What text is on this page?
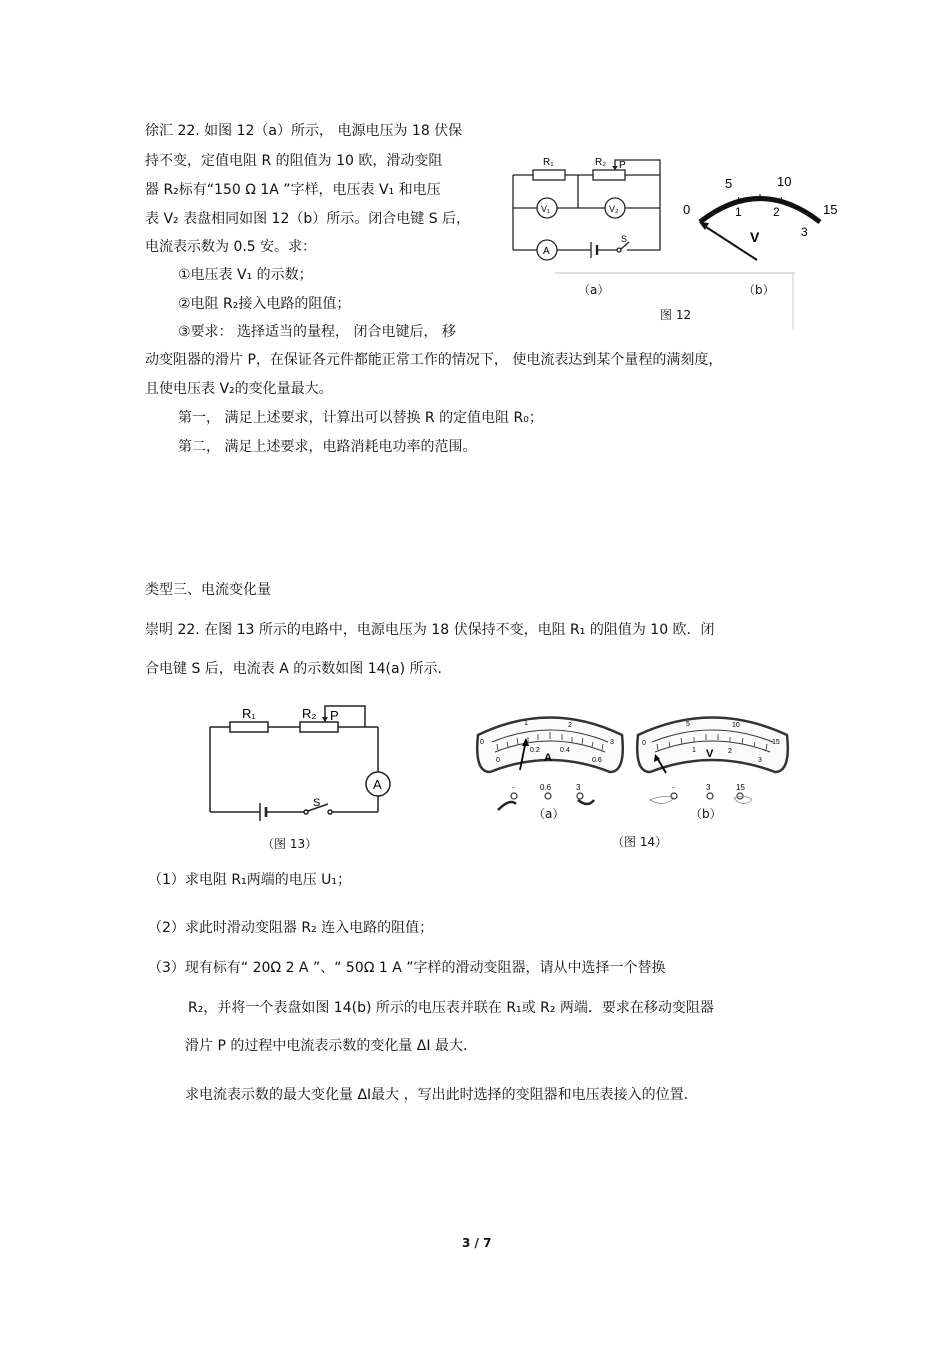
徐汇 22. 如图 12（a）所示， 电源电压为 18 伏保
持不变，定值电阻 R 的阻值为 10 欧，滑动变阻
器 R₂标有“150 Ω 1A ”字样，电压表 V₁ 和电压
表 V₂ 表盘相同如图 12（b）所示。闭合电键 S 后，
电流表示数为 0.5 安。求：
①电压表 V₁ 的示数；
②电阻 R₂接入电路的阻值；
③要求： 选择适当的量程， 闭合电键后， 移
动变阻器的滑片 P，在保证各元件都能正常工作的情况下， 使电流表达到某个量程的满刻度，
且使电压表 V₂的变化量最大。
第一， 满足上述要求，计算出可以替换 R 的定值电阻 R₀；
第二， 满足上述要求，电路消耗电功率的范围。
R₁	R₂ P
V₁	V₂
A
S
0
5	10
15
1	2
3
V
（a）	（b）
图 12
类型三、电流变化量
崇明 22. 在图 13 所示的电路中，电源电压为 18 伏保持不变，电阻 R₁ 的阻值为 10 欧．闭
合电键 S 后，电流表 A 的示数如图 14(a) 所示．
R₁	R₂ P
A
S
（图 13）
0
1	2
3
0
0.2	0.4
0.6
A
-	0.6	3
0
5	10
15
1	2
3
V
-	3	15
（a）	（b）
（图 14）
（1）求电阻 R₁两端的电压 U₁；
（2）求此时滑动变阻器 R₂ 连入电路的阻值；
（3）现有标有“ 20Ω 2 A ”、“ 50Ω 1 A ”字样的滑动变阻器，请从中选择一个替换
R₂，并将一个表盘如图 14(b) 所示的电压表并联在 R₁或 R₂ 两端．要求在移动变阻器
滑片 P 的过程中电流表示数的变化量 ΔI 最大．
求电流表示数的最大变化量 ΔI最大 ，写出此时选择的变阻器和电压表接入的位置．
3 / 7
